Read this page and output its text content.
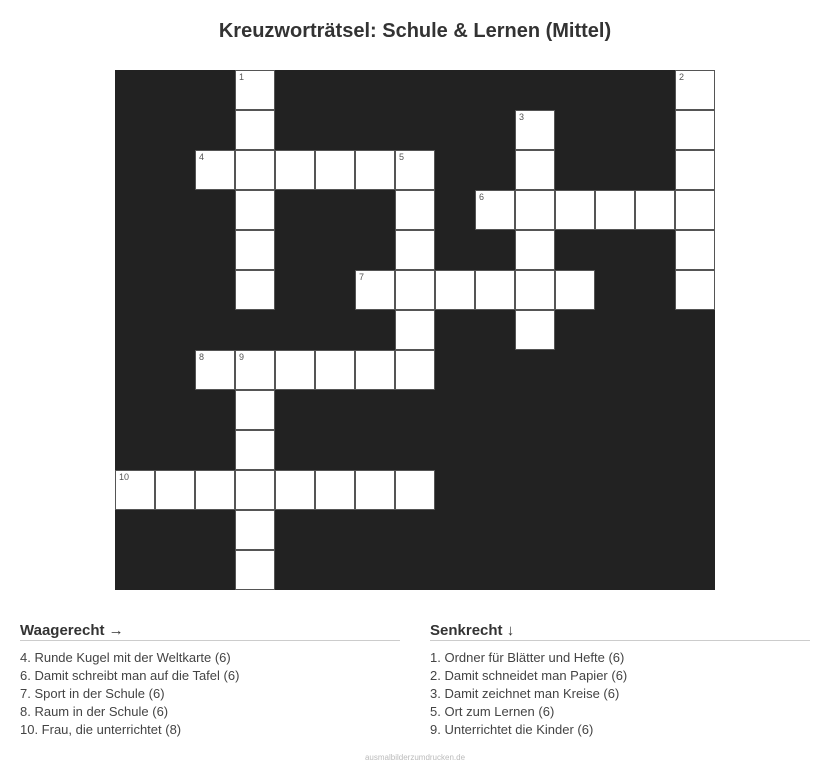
Kreuzworträtsel: Schule & Lernen (Mittel)
1	2
3
4	5
6
7
8	9
10
Waagerecht →
4. Runde Kugel mit der Weltkarte (6)
6. Damit schreibt man auf die Tafel (6)
7. Sport in der Schule (6)
8. Raum in der Schule (6)
10. Frau, die unterrichtet (8)
Senkrecht ↓
1. Ordner für Blätter und Hefte (6)
2. Damit schneidet man Papier (6)
3. Damit zeichnet man Kreise (6)
5. Ort zum Lernen (6)
9. Unterrichtet die Kinder (6)
ausmalbilderzumdrucken.de
